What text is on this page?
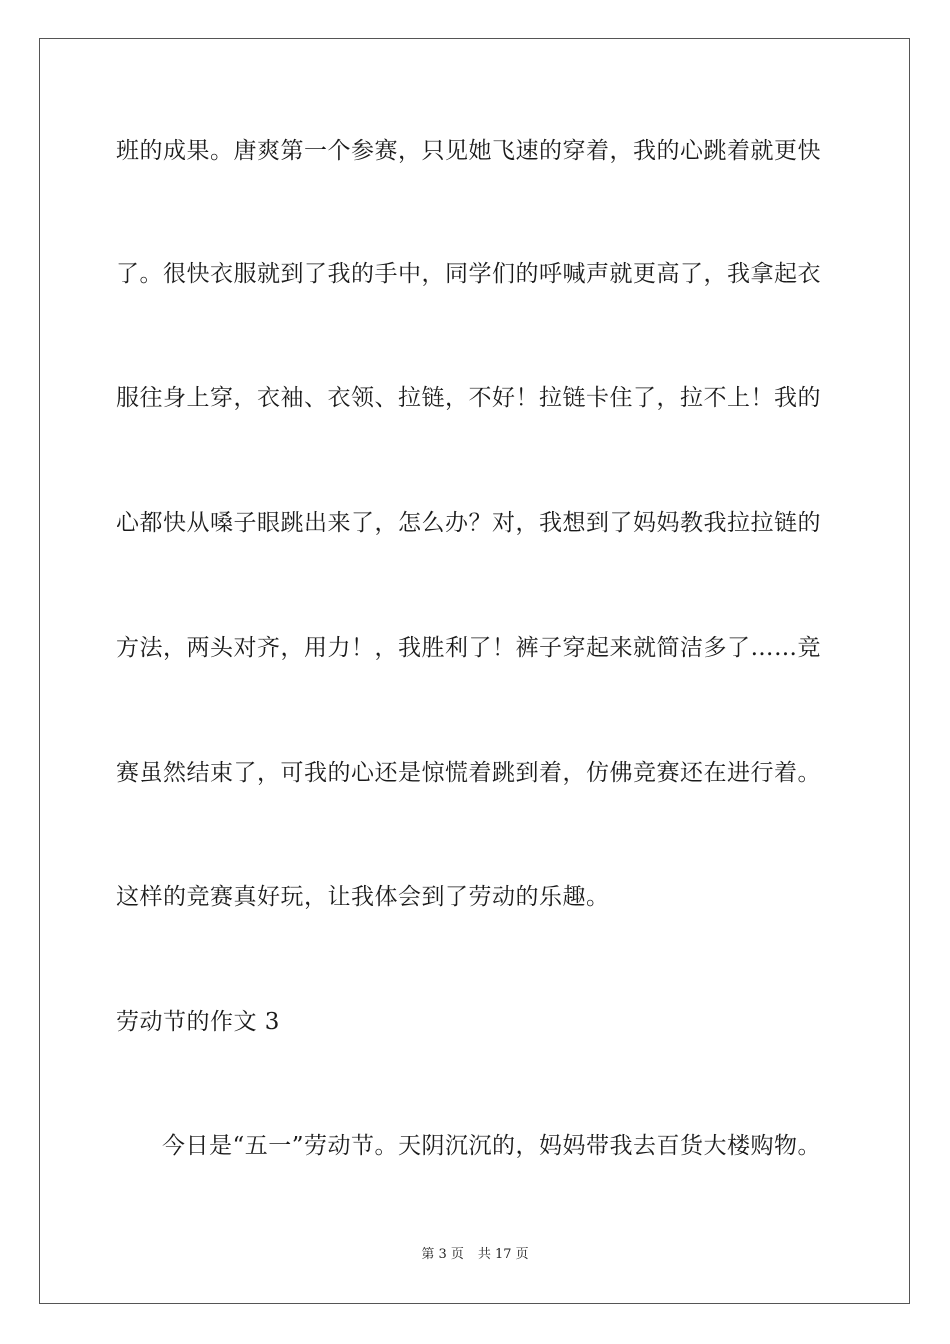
班的成果。唐爽第一个参赛，只见她飞速的穿着，我的心跳着就更快
了。很快衣服就到了我的手中，同学们的呼喊声就更高了，我拿起衣
服往身上穿，衣袖、衣领、拉链，不好！拉链卡住了，拉不上！我的
心都快从嗓子眼跳出来了，怎么办？对，我想到了妈妈教我拉拉链的
方法，两头对齐，用力！，我胜利了！裤子穿起来就简洁多了……竞
赛虽然结束了，可我的心还是惊慌着跳到着，仿佛竞赛还在进行着。
这样的竞赛真好玩，让我体会到了劳动的乐趣。
劳动节的作文 3
今日是“五一”劳动节。天阴沉沉的，妈妈带我去百货大楼购物。
第 3 页 共 17 页
